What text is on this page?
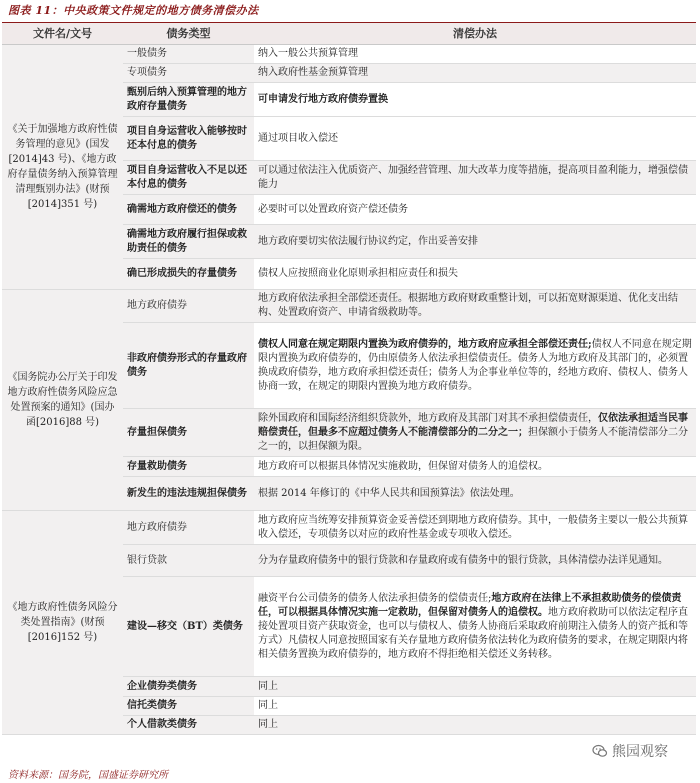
图表 11：中央政策文件规定的地方债务清偿办法
文件名/文号	债务类型	清偿办法
《关于加强地方政府性债务管理的意见》(国发[2014]43 号)、《地方政府存量债务纳入预算管理清理甄别办法》(财预[2014]351 号)	一般债务	纳入一般公共预算管理
	专项债务	纳入政府性基金预算管理
	甄别后纳入预算管理的地方政府存量债务	可申请发行地方政府债券置换
	项目自身运营收入能够按时还本付息的债务	通过项目收入偿还
	项目自身运营收入不足以还本付息的债务	可以通过依法注入优质资产、加强经营管理、加大改革力度等措施，提高项目盈利能力，增强偿债能力
	确需地方政府偿还的债务	必要时可以处置政府资产偿还债务
	确需地方政府履行担保或救助责任的债务	地方政府要切实依法履行协议约定，作出妥善安排
	确已形成损失的存量债务	债权人应按照商业化原则承担相应责任和损失
《国务院办公厅关于印发地方政府性债务风险应急处置预案的通知》(国办函[2016]88 号)	地方政府债券	地方政府依法承担全部偿还责任。根据地方政府财政重整计划，可以拓宽财源渠道、优化支出结构、处置政府资产、申请省级救助等。
	非政府债券形式的存量政府债务	债权人同意在规定期限内置换为政府债券的，地方政府应承担全部偿还责任;债权人不同意在规定期限内置换为政府债券的，仍由原债务人依法承担偿债责任。债务人为地方政府及其部门的，必须置换成政府债券，地方政府承担偿还责任；债务人为企事业单位等的，经地方政府、债权人、债务人协商一致，在规定的期限内置换为地方政府债券。
	存量担保债务	除外国政府和国际经济组织贷款外，地方政府及其部门对其不承担偿债责任，仅依法承担适当民事赔偿责任，但最多不应超过债务人不能清偿部分的二分之一；担保额小于债务人不能清偿部分二分之一的，以担保额为限。
	存量救助债务	地方政府可以根据具体情况实施救助，但保留对债务人的追偿权。
	新发生的违法违规担保债务	根据 2014 年修订的《中华人民共和国预算法》依法处理。
《地方政府性债务风险分类处置指南》(财预[2016]152 号)	地方政府债券	地方政府应当统筹安排预算资金妥善偿还到期地方政府债券。其中，一般债务主要以一般公共预算收入偿还，专项债务以对应的政府性基金或专项收入偿还。
	银行贷款	分为存量政府债务中的银行贷款和存量政府或有债务中的银行贷款，具体清偿办法详见通知。
	建设—移交（BT）类债务	融资平台公司债务的债务人依法承担债务的偿债责任;地方政府在法律上不承担救助债务的偿债责任，可以根据具体情况实施一定救助，但保留对债务人的追偿权。地方政府救助可以依法定程序直接处置项目资产获取资金，也可以与债权人、债务人协商后采取政府前期注入债务人的资产抵和等方式）凡债权人同意按照国家有关存量地方政府债务依法转化为政府债务的要求，在规定期限内将相关债务置换为政府债券的，地方政府不得拒绝相关偿还义务转移。
	企业债券类债务	同上
	信托类债务	同上
	个人借款类债务	同上
熊园观察
资料来源：国务院，国盛证券研究所
